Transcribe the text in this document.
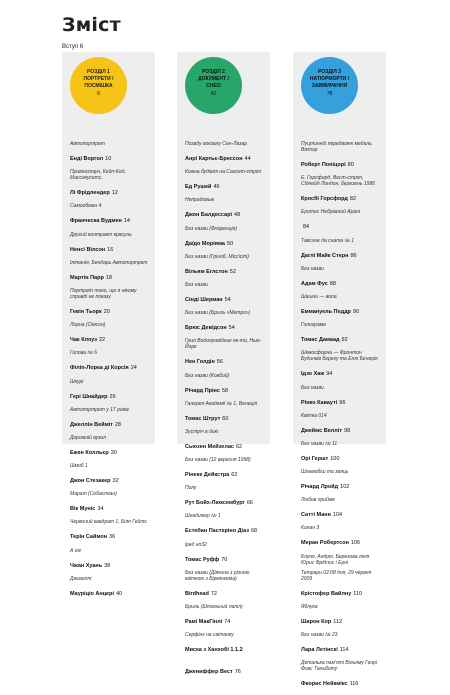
Зміст
Вступ 6
РОЗДІЛ 1
ПОРТРЕТИ / ПОСМІШКА
8
Автопортрет
Енді Воргол 10
Провінстаун, Кейп-Код, Массачусетс,
Лі Фрідлендер 12
Самообман 4
Франческа Вудмен 14
Другий контракт красунь
Ненсі Вілсон 16
Ілітанія, Бендарь Автопортрет
Мартін Парр 18
Портрет того, що я нікому справді не показу
Гевін Тьорк 20
Лорна (Сімсон)
Чак Клоуз 22
Голова № 6
Філіп-Лорка ді Корсія 24
Шкурі
Гері Шнайдер 26
Автопортрет у 17 років
Джеллін Вейміт 28
Дорожній вузол
Ежен Колльєр 30
Шмоб 1
Джон Стезакер 32
Марат (Себастіан)
Вік Муніс 34
Червоний квадрат 1, Біля Гейтс
Терін Саймон 36
А ілг
Чжан Хуань 38
Джозеппі
Мауріціо Анцері 40
РОЗДІЛ 2
ДОКУМЕНТ / СНЕО
42
Позаду вокзалу Сен-Лазар
Анрі Картьє-Брессон 44
Кожна будівля на Сансет-стріт
Ед Рушей 46
Непрадивые
Джон Балдессарі 48
Без назви (Флоренція)
Даїдо Моріяма 50
Без назви (Гріноб, Міссісіпі)
Вільям Еглстон 52
Без назви
Сінді Шерман 54
Без назви (Бриль «Метро»)
Брюс Девідсон 54
Грил Водопровідник як-то, Нью-Йорк
Нен Голдін 56
Без назви (Ковбой)
Річард Прінс 58
Галерея Академії № 1, Венеція
Томас Штрут 60
Зустріч в дикі
Сьюзен Мейзелас 62
Без назви (12 вересня 1998)
Рінеке Дейкстра 62
Полу
Рут Бойх-Люксембург 66
Шнадижер № 1
Естебан Пастеріно Діаз 68
іред нп32
Томас Руфф 70
Без назви (Дівчина з різною квіткою з Бірмінгема)
Birdhead 72
Бриль (Штельний папіл)
Рамі МакГінлі 74
Серфінг на світанку
Миска з Ханхобі 1.1.2
Джениффер Вест 76
РОЗДІЛ 3
НАТЮРМОРТИ / ЗАВМИРАННЯ
78
Пуцтинній передвояні медаль Віктор
Роберт Попіцорі 80
Е. Горсфорд, Вест-стріт, Сіднейд Лондон, березень 1986
Кросбі Горсфорд 82
Еротес Небувалий Арані
84
Таксине да сната № 1
Даглі Майк Стерн 86
Без назви
Адам Фус 88
Шашни — вола
Еммануель Педдр 90
Голограме
Томас Дамаад 92
Шкмосфорна — Фронтон Будинків берегу та Еллі Бенерія
Ідзо Хаж 94
Без назви
Рінко Кавауті 96
Квітка 014
Джеймс Велліт 98
Без назви № 11
Орі Гершт 100
Шламобіш та заяць
Річард Лройд 102
Любов прийме
Сатті Манн 104
Колан 3
Меран Робертсон 106
Клуня, Андрія, Березова лінія Юрис Фрідпис і Ерні
Тетрари 02:08 дня, 29 червня 2009
Крістофер Вайлну 110
Яблука
Шарон Кор 112
Без назви № 23
Лара Летінскі 114
Деталька пам'яті Вільяму Генрі Фокс Тальботу
Фкорис Нейкмікс 116
